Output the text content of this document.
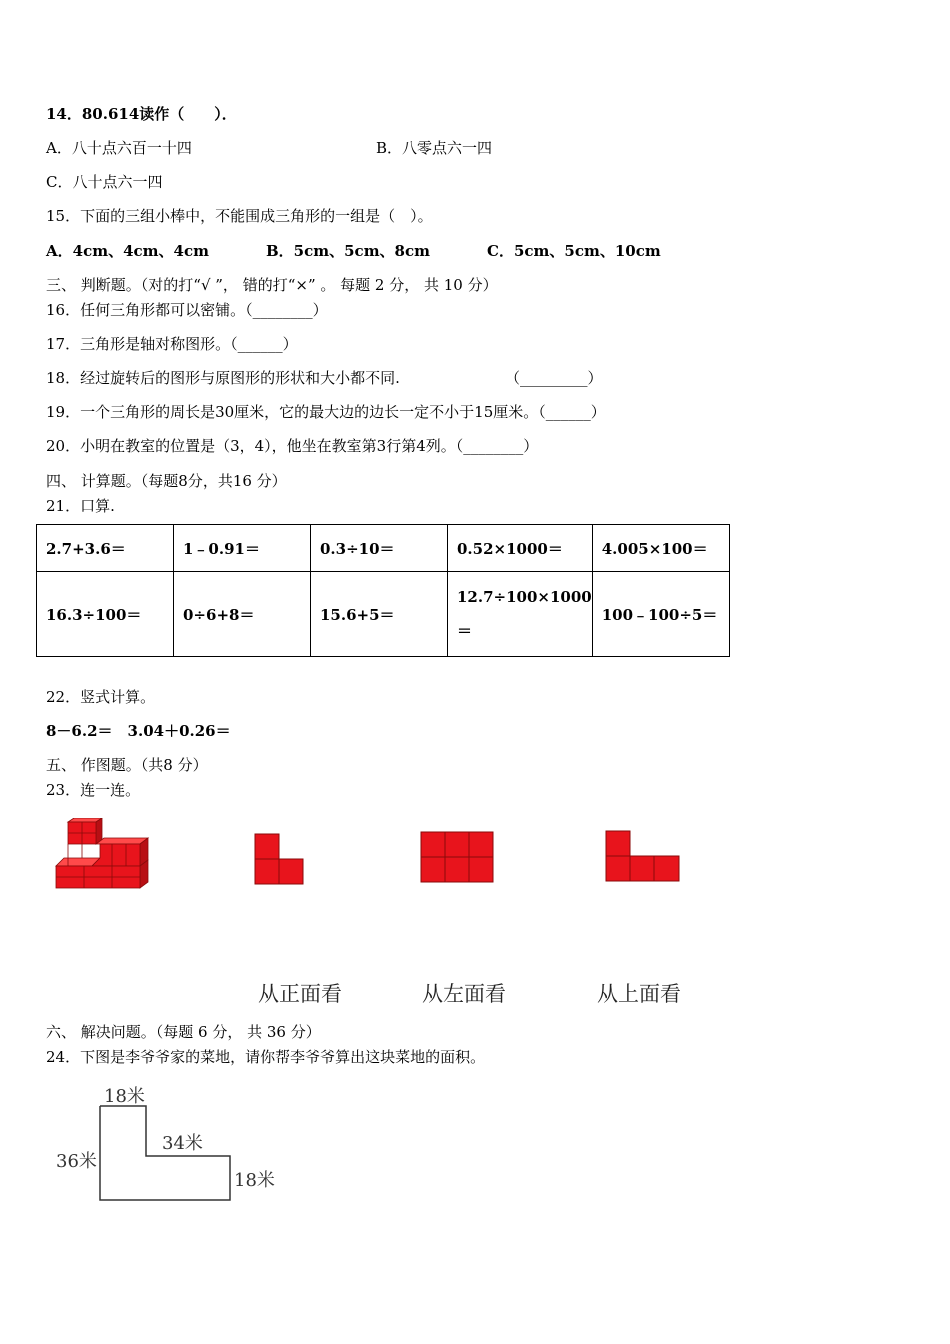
14．80.614读作（　　）．
A．八十点六百一十四	B．八零点六一四
C．八十点六一四
15．下面的三组小棒中，不能围成三角形的一组是（　）。
A．4cm、4cm、4cm	B．5cm、5cm、8cm	C．5cm、5cm、10cm
三、 判断题。（对的打“√ ”， 错的打“×” 。 每题 2 分， 共 10 分）
16．任何三角形都可以密铺。（________）
17．三角形是轴对称图形。（______）
18．经过旋转后的图形与原图形的形状和大小都不同.	（_________）
19．一个三角形的周长是30厘米，它的最大边的边长一定不小于15厘米。（______）
20．小明在教室的位置是（3，4），他坐在教室第3行第4列。（________）
四、 计算题。（每题8分，共16 分）
21．口算.
2.7+3.6＝	1﹣0.91＝	0.3÷10＝	0.52×1000＝	4.005×100＝
16.3÷100＝	0÷6+8＝	15.6+5＝	12.7÷100×1000
＝	100﹣100÷5＝
22．竖式计算。
8－6.2＝　3.04＋0.26＝
五、 作图题。（共8 分）
23．连一连。
从正面看	从左面看	从上面看
六、 解决问题。（每题 6 分， 共 36 分）
24．下图是李爷爷家的菜地，请你帮李爷爷算出这块菜地的面积。
18米
36米
34米
18米
